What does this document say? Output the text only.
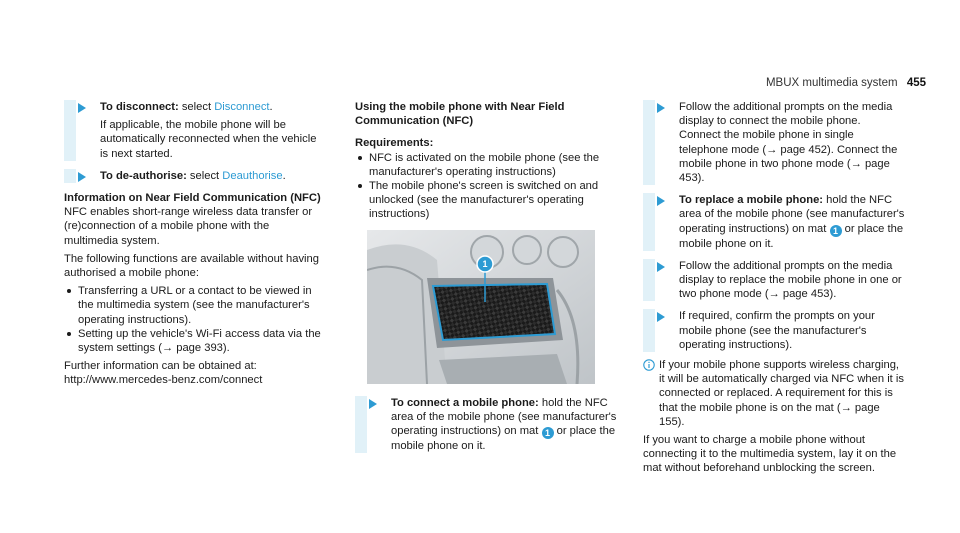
MBUX multimedia system 455

To disconnect: select Disconnect.

If applicable, the mobile phone will be automatically reconnected when the vehicle is next started.

To de-authorise: select Deauthorise.

Information on Near Field Communication (NFC)

NFC enables short-range wireless data transfer or (re)connection of a mobile phone with the multimedia system.

The following functions are available without having authorised a mobile phone:

Transferring a URL or a contact to be viewed in the multimedia system (see the manufacturer's operating instructions).
Setting up the vehicle's Wi-Fi access data via the system settings (→ page 393).

Further information can be obtained at: http://www.mercedes-benz.com/connect

Using the mobile phone with Near Field Communication (NFC)
Requirements:
NFC is activated on the mobile phone (see the manufacturer's operating instructions)
The mobile phone's screen is switched on and unlocked (see the manufacturer's operating instructions)
1

To connect a mobile phone: hold the NFC area of the mobile phone (see manufacturer's operating instructions) on mat 1 or place the mobile phone on it.

Follow the additional prompts on the media display to connect the mobile phone. Connect the mobile phone in single telephone mode (→ page 452). Connect the mobile phone in two phone mode (→ page 453).

To replace a mobile phone: hold the NFC area of the mobile phone (see manufacturer's operating instructions) on mat 1 or place the mobile phone on it.

Follow the additional prompts on the media display to replace the mobile phone in one or two phone mode (→ page 453).

If required, confirm the prompts on your mobile phone (see the manufacturer's operating instructions).

If your mobile phone supports wireless charging, it will be automatically charged via NFC when it is connected or replaced. A requirement for this is that the mobile phone is on the mat (→ page 155).

If you want to charge a mobile phone without connecting it to the multimedia system, lay it on the mat without beforehand unblocking the screen.
